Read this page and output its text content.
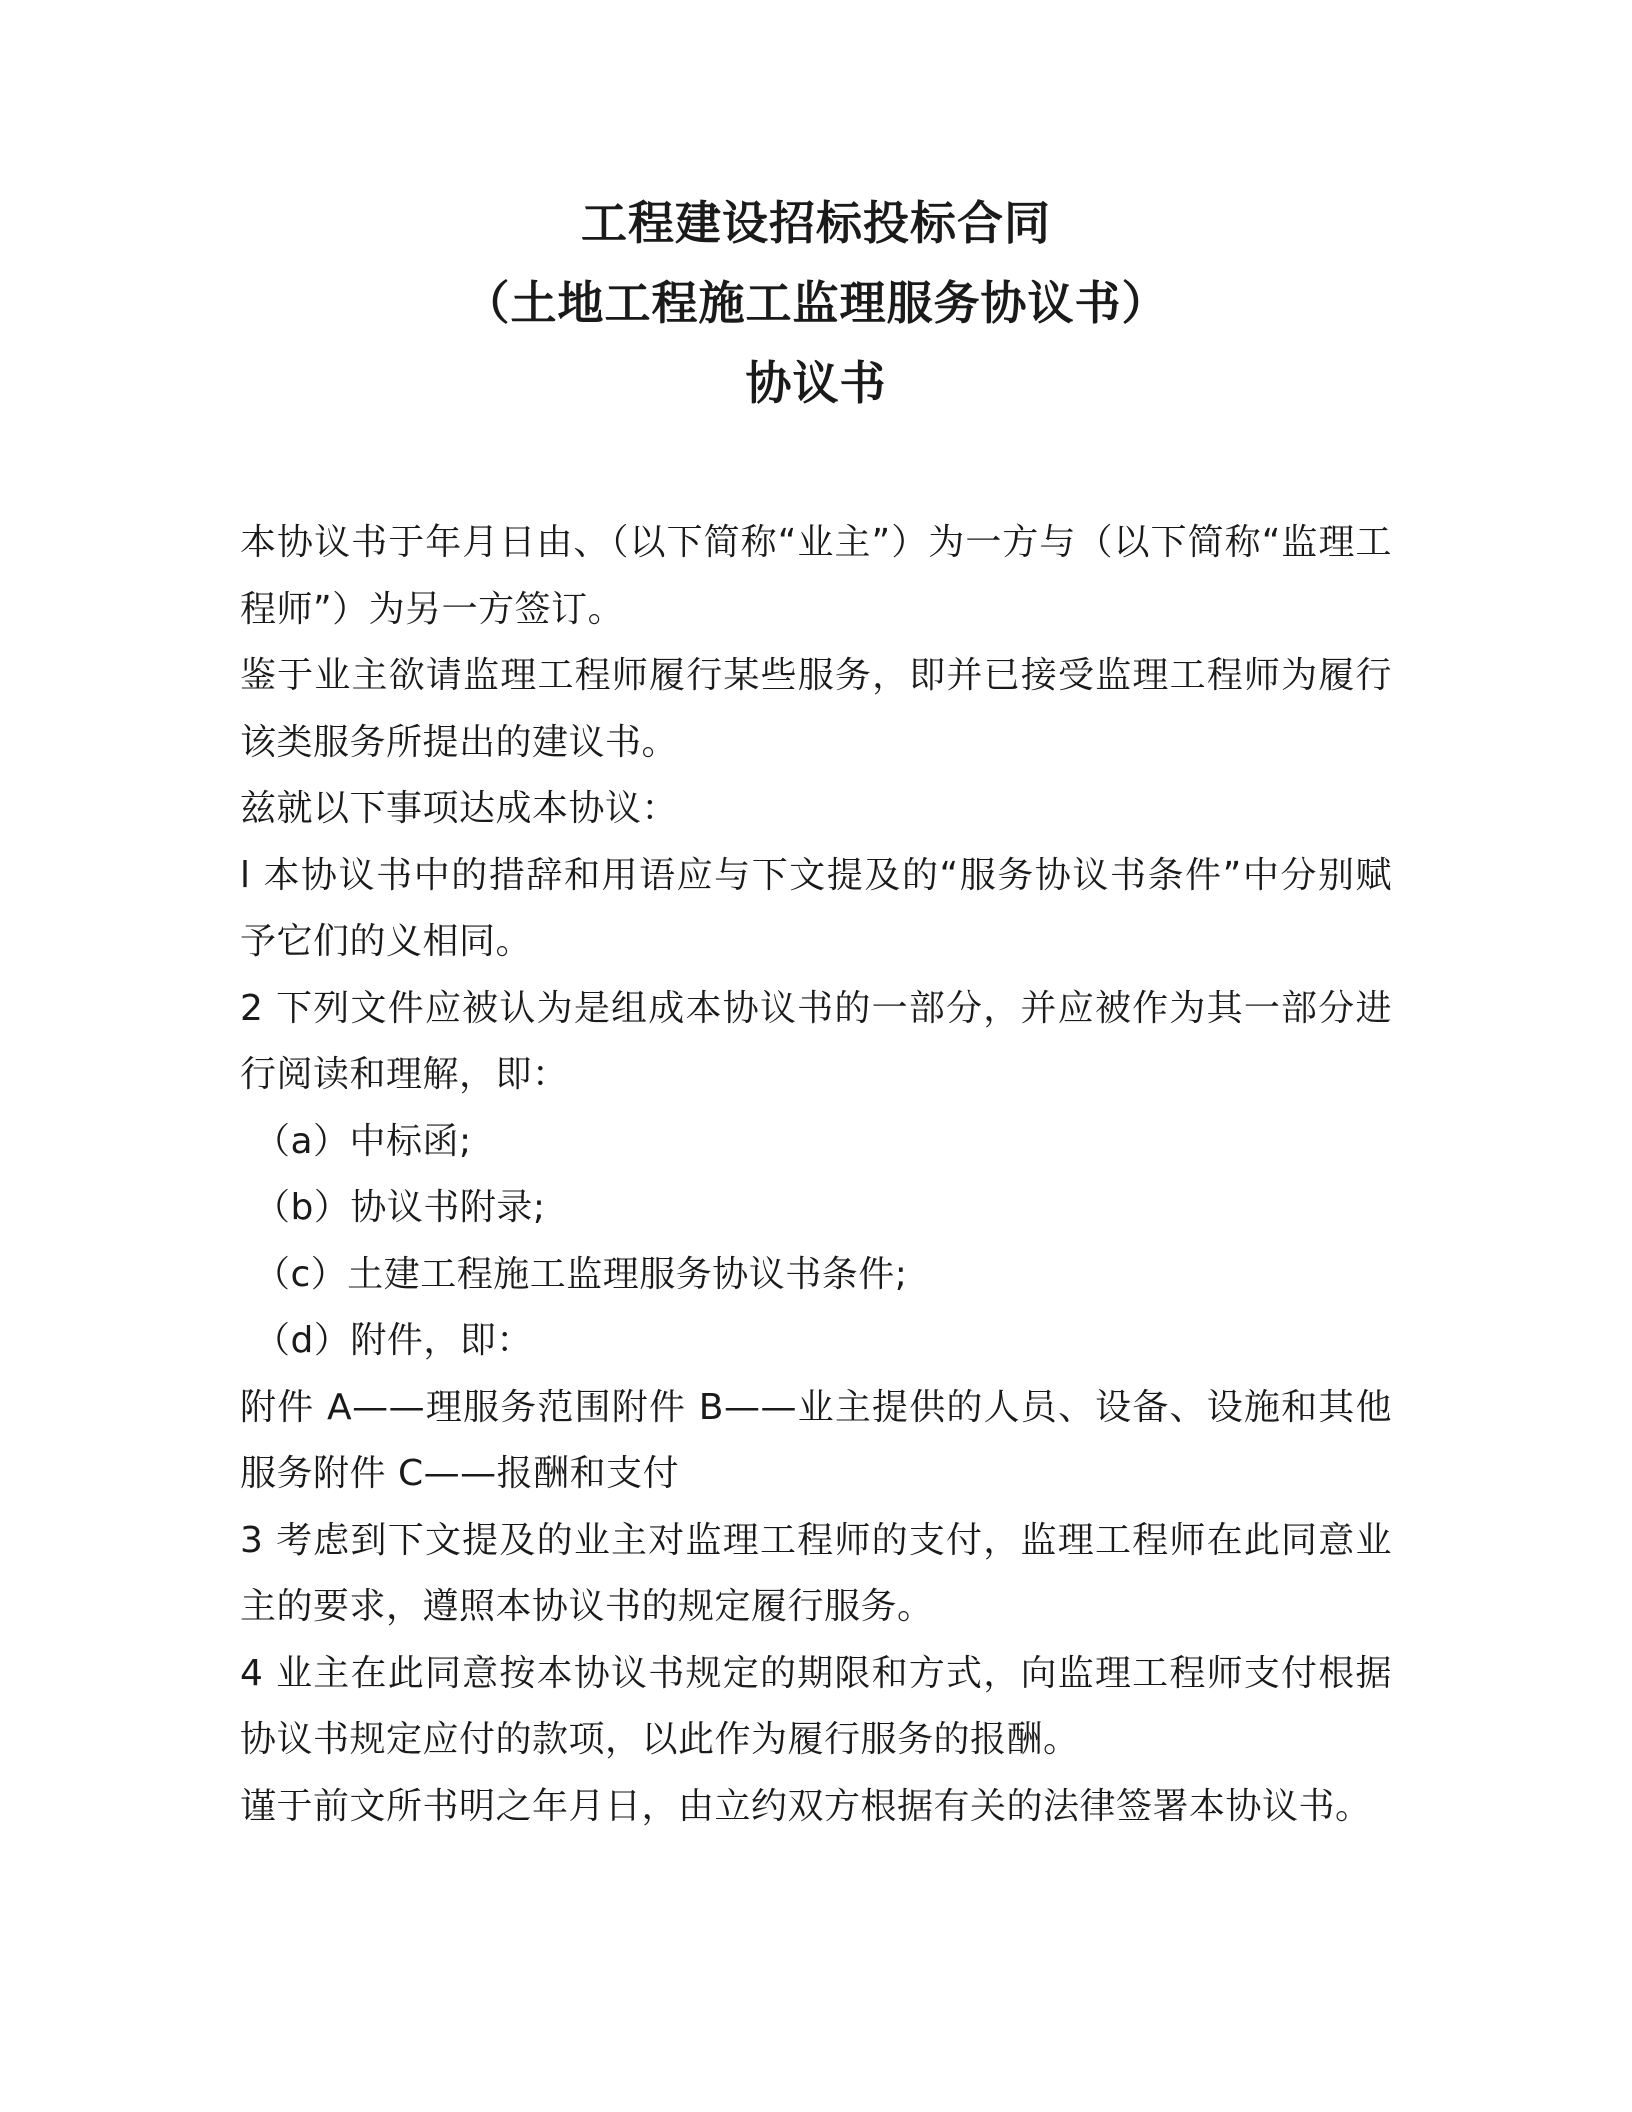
工程建设招标投标合同
（土地工程施工监理服务协议书）
协议书

本协议书于年月日由、（以下简称“业主”）为一方与（以下简称“监理工程师”）为另一方签订。

鉴于业主欲请监理工程师履行某些服务，即并已接受监理工程师为履行该类服务所提出的建议书。

兹就以下事项达成本协议：

l 本协议书中的措辞和用语应与下文提及的“服务协议书条件”中分别赋予它们的义相同。

2 下列文件应被认为是组成本协议书的一部分，并应被作为其一部分进行阅读和理解，即：

（a）中标函;

（b）协议书附录;

（c）土建工程施工监理服务协议书条件;

（d）附件，即：

附件 A——理服务范围附件 B——业主提供的人员、设备、设施和其他服务附件 C——报酬和支付

3 考虑到下文提及的业主对监理工程师的支付，监理工程师在此同意业主的要求，遵照本协议书的规定履行服务。

4 业主在此同意按本协议书规定的期限和方式，向监理工程师支付根据协议书规定应付的款项，以此作为履行服务的报酬。

谨于前文所书明之年月日，由立约双方根据有关的法律签署本协议书。
